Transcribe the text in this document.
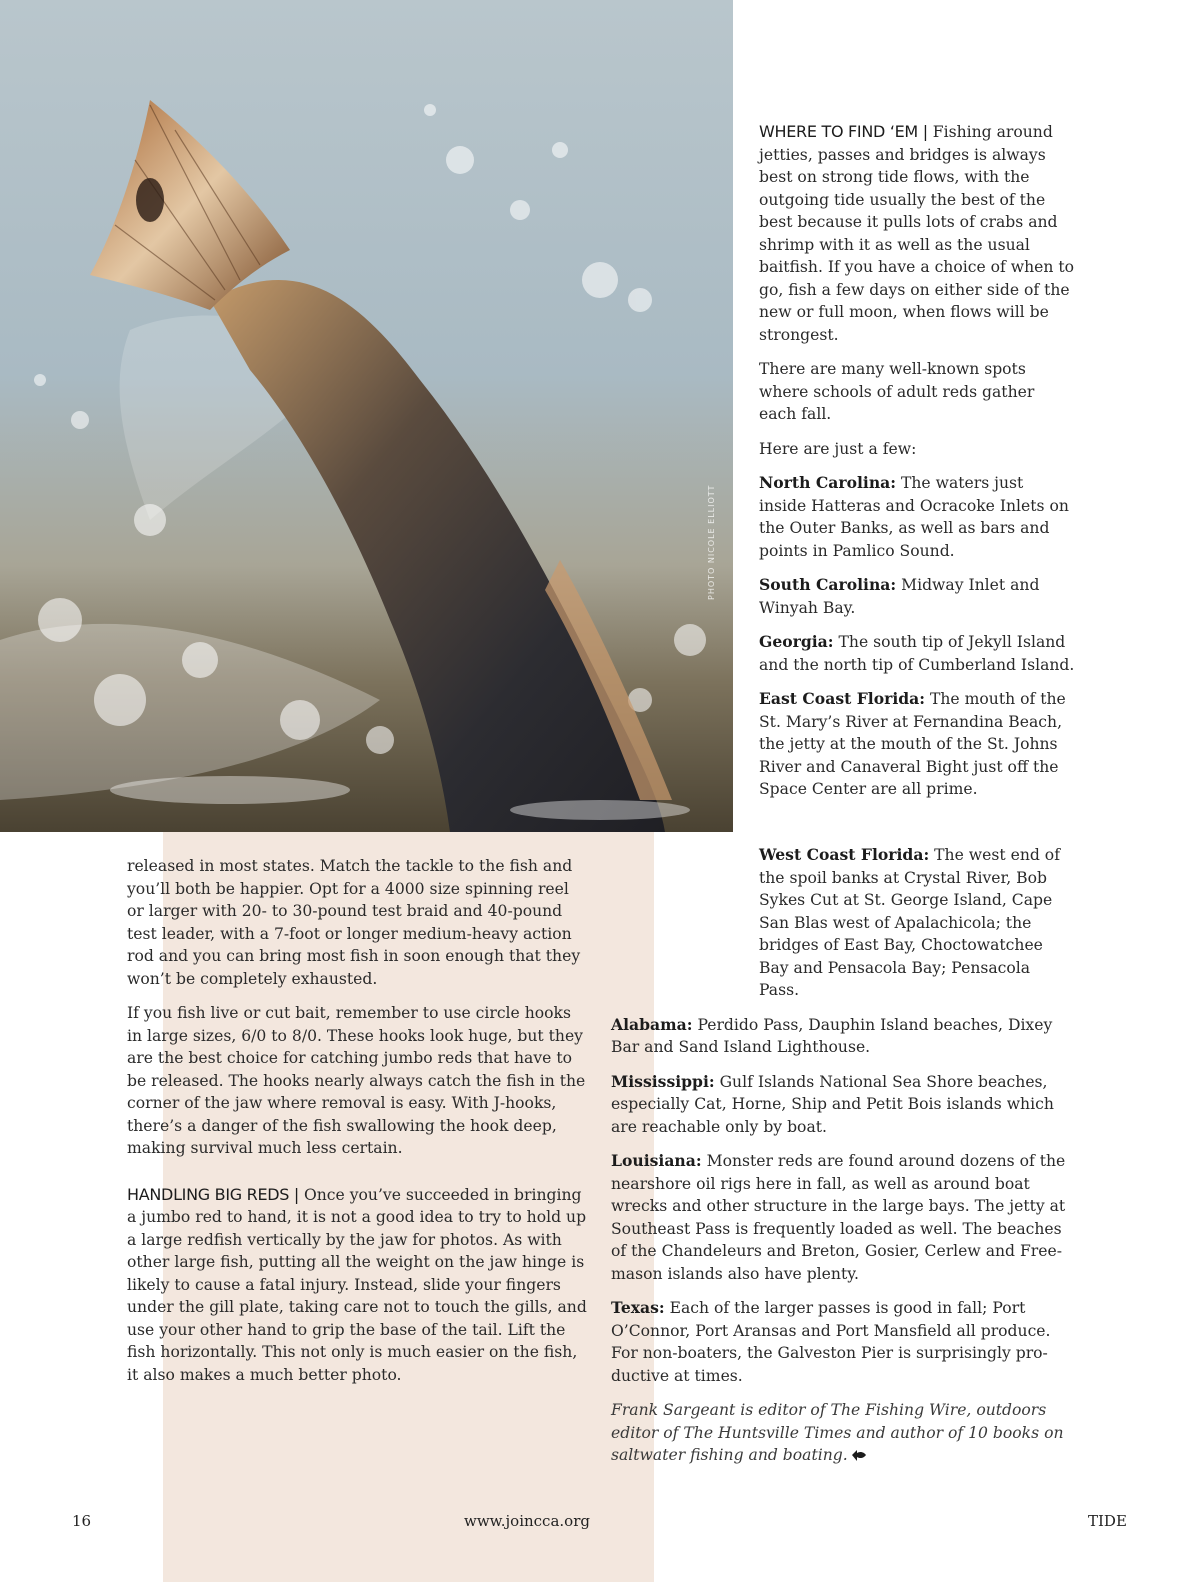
PHOTO NICOLE ELLIOTT

WHERE TO FIND ‘EM | Fishing around jetties, passes and bridges is always best on strong tide flows, with the outgoing tide usually the best of the best because it pulls lots of crabs and shrimp with it as well as the usual baitfish. If you have a choice of when to go, fish a few days on either side of the new or full moon, when flows will be strongest.

There are many well-known spots where schools of adult reds gather each fall.

Here are just a few:

North Carolina: The waters just inside Hatteras and Ocracoke Inlets on the Outer Banks, as well as bars and points in Pamlico Sound.

South Carolina: Midway Inlet and Winyah Bay.

Georgia: The south tip of Jekyll Island and the north tip of Cumberland Island.

East Coast Florida: The mouth of the St. Mary’s River at Fernandina Beach, the jetty at the mouth of the St. Johns River and Canaveral Bight just off the Space Center are all prime.

West Coast Florida: The west end of the spoil banks at Crystal River, Bob Sykes Cut at St. George Island, Cape San Blas west of Apalachicola; the bridges of East Bay, Choctowatchee Bay and Pensacola Bay; Pensacola Pass.

Alabama: Perdido Pass, Dauphin Island beaches, Dixey Bar and Sand Island Lighthouse.

Mississippi: Gulf Islands National Sea Shore beaches, especially Cat, Horne, Ship and Petit Bois islands which are reachable only by boat.

Louisiana: Monster reds are found around dozens of the nearshore oil rigs here in fall, as well as around boat wrecks and other structure in the large bays. The jetty at Southeast Pass is frequently loaded as well. The beaches of the Chandeleurs and Breton, Gosier, Cerlew and Free-mason islands also have plenty.

Texas: Each of the larger passes is good in fall; Port O’Connor, Port Aransas and Port Mansfield all produce. For non-boaters, the Galveston Pier is surprisingly pro-ductive at times.

Frank Sargeant is editor of The Fishing Wire, outdoors editor of The Huntsville Times and author of 10 books on saltwater fishing and boating.

released in most states. Match the tackle to the fish and you’ll both be happier. Opt for a 4000 size spinning reel or larger with 20- to 30-pound test braid and 40-pound test leader, with a 7-foot or longer medium-heavy action rod and you can bring most fish in soon enough that they won’t be completely exhausted.

If you fish live or cut bait, remember to use circle hooks in large sizes, 6/0 to 8/0. These hooks look huge, but they are the best choice for catching jumbo reds that have to be released. The hooks nearly always catch the fish in the corner of the jaw where removal is easy. With J-hooks, there’s a danger of the fish swallowing the hook deep, making survival much less certain.

HANDLING BIG REDS | Once you’ve succeeded in bringing a jumbo red to hand, it is not a good idea to try to hold up a large redfish vertically by the jaw for photos. As with other large fish, putting all the weight on the jaw hinge is likely to cause a fatal injury. Instead, slide your fingers under the gill plate, taking care not to touch the gills, and use your other hand to grip the base of the tail. Lift the fish horizontally. This not only is much easier on the fish, it also makes a much better photo.

16	www.joincca.org	TIDE
